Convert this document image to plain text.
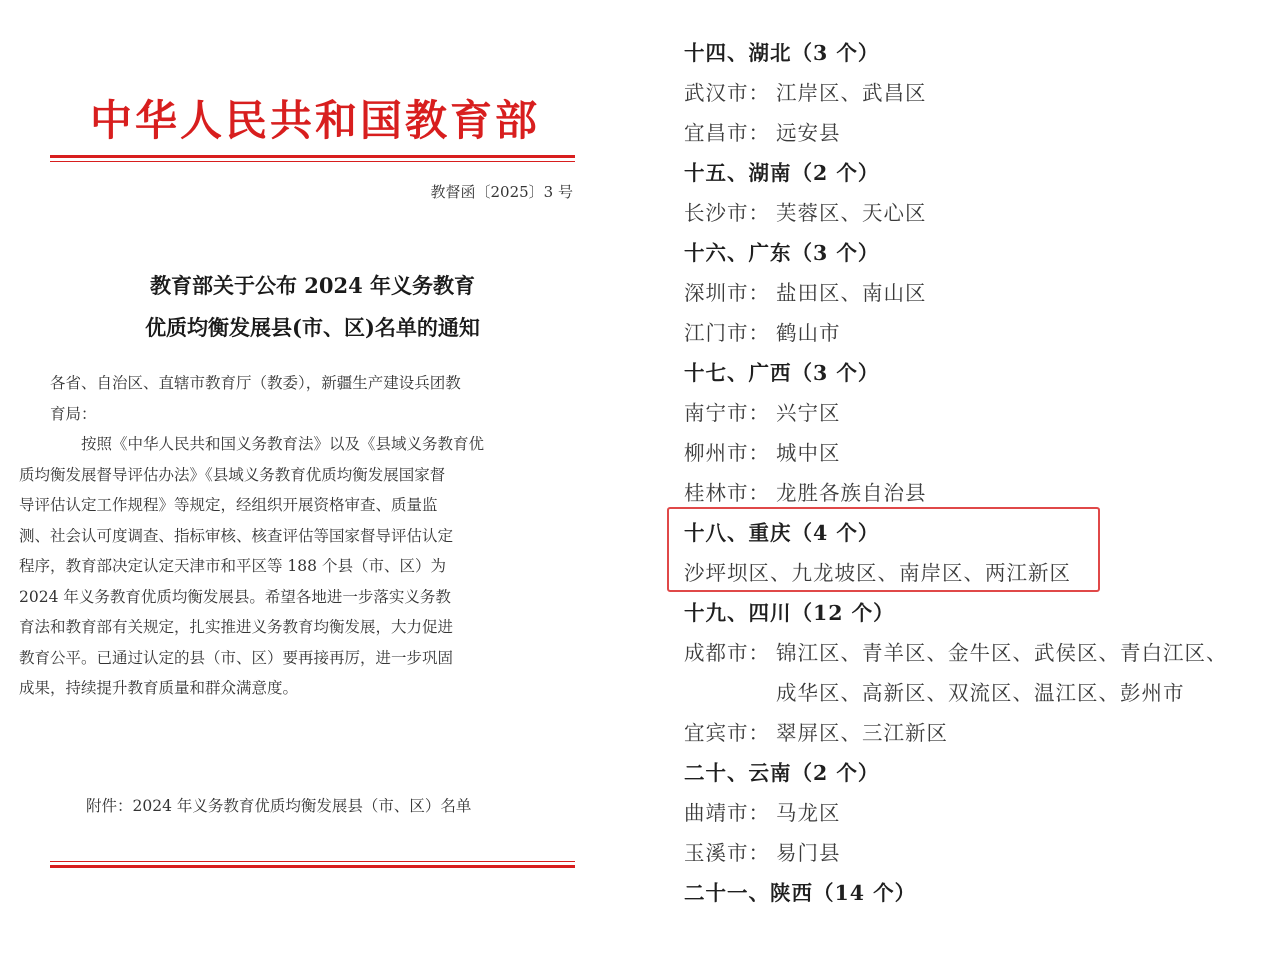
中华人民共和国教育部
教督函〔2025〕3 号
教育部关于公布 2024 年义务教育
优质均衡发展县(市、区)名单的通知

各省、自治区、直辖市教育厅（教委），新疆生产建设兵团教
育局：

按照《中华人民共和国义务教育法》以及《县域义务教育优
质均衡发展督导评估办法》《县域义务教育优质均衡发展国家督
导评估认定工作规程》等规定，经组织开展资格审查、质量监
测、社会认可度调查、指标审核、核查评估等国家督导评估认定
程序，教育部决定认定天津市和平区等 188 个县（市、区）为
2024 年义务教育优质均衡发展县。希望各地进一步落实义务教
育法和教育部有关规定，扎实推进义务教育均衡发展，大力促进
教育公平。已通过认定的县（市、区）要再接再厉，进一步巩固
成果，持续提升教育质量和群众满意度。

附件：2024 年义务教育优质均衡发展县（市、区）名单
十四、湖北（3 个）
武汉市： 江岸区、武昌区
宜昌市： 远安县
十五、湖南（2 个）
长沙市： 芙蓉区、天心区
十六、广东（3 个）
深圳市： 盐田区、南山区
江门市： 鹤山市
十七、广西（3 个）
南宁市： 兴宁区
柳州市： 城中区
桂林市： 龙胜各族自治县
十八、重庆（4 个）
沙坪坝区、九龙坡区、南岸区、两江新区
十九、四川（12 个）
成都市： 锦江区、青羊区、金牛区、武侯区、青白江区、
成华区、高新区、双流区、温江区、彭州市
宜宾市： 翠屏区、三江新区
二十、云南（2 个）
曲靖市： 马龙区
玉溪市： 易门县
二十一、陕西（14 个）
